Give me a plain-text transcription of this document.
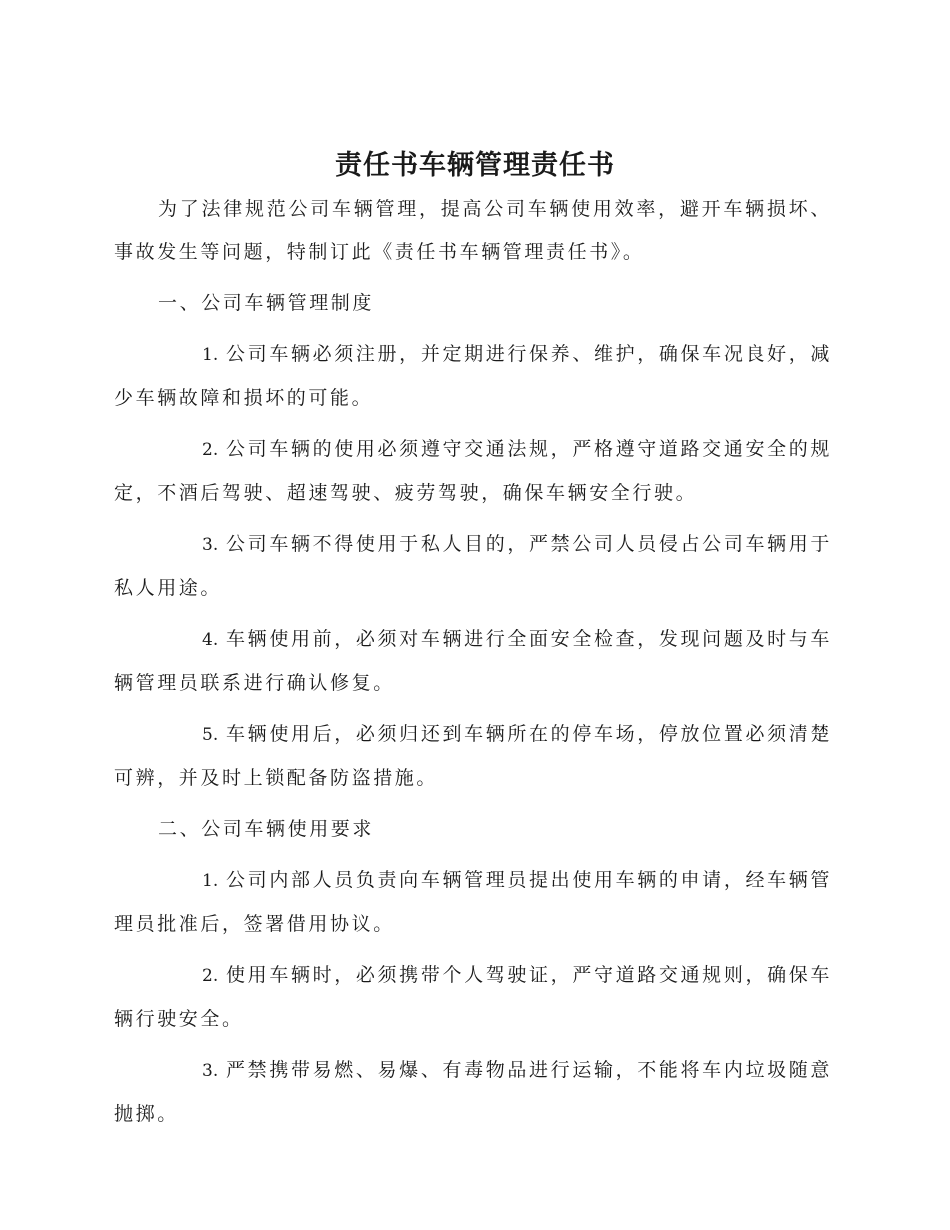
责任书车辆管理责任书

为了法律规范公司车辆管理，提高公司车辆使用效率，避开车辆损坏、事故发生等问题，特制订此《责任书车辆管理责任书》。

一、公司车辆管理制度

1. 公司车辆必须注册，并定期进行保养、维护，确保车况良好，减少车辆故障和损坏的可能。

2. 公司车辆的使用必须遵守交通法规，严格遵守道路交通安全的规定，不酒后驾驶、超速驾驶、疲劳驾驶，确保车辆安全行驶。

3. 公司车辆不得使用于私人目的，严禁公司人员侵占公司车辆用于私人用途。

4. 车辆使用前，必须对车辆进行全面安全检查，发现问题及时与车辆管理员联系进行确认修复。

5. 车辆使用后，必须归还到车辆所在的停车场，停放位置必须清楚可辨，并及时上锁配备防盗措施。

二、公司车辆使用要求

1. 公司内部人员负责向车辆管理员提出使用车辆的申请，经车辆管理员批准后，签署借用协议。

2. 使用车辆时，必须携带个人驾驶证，严守道路交通规则，确保车辆行驶安全。

3. 严禁携带易燃、易爆、有毒物品进行运输，不能将车内垃圾随意抛掷。
